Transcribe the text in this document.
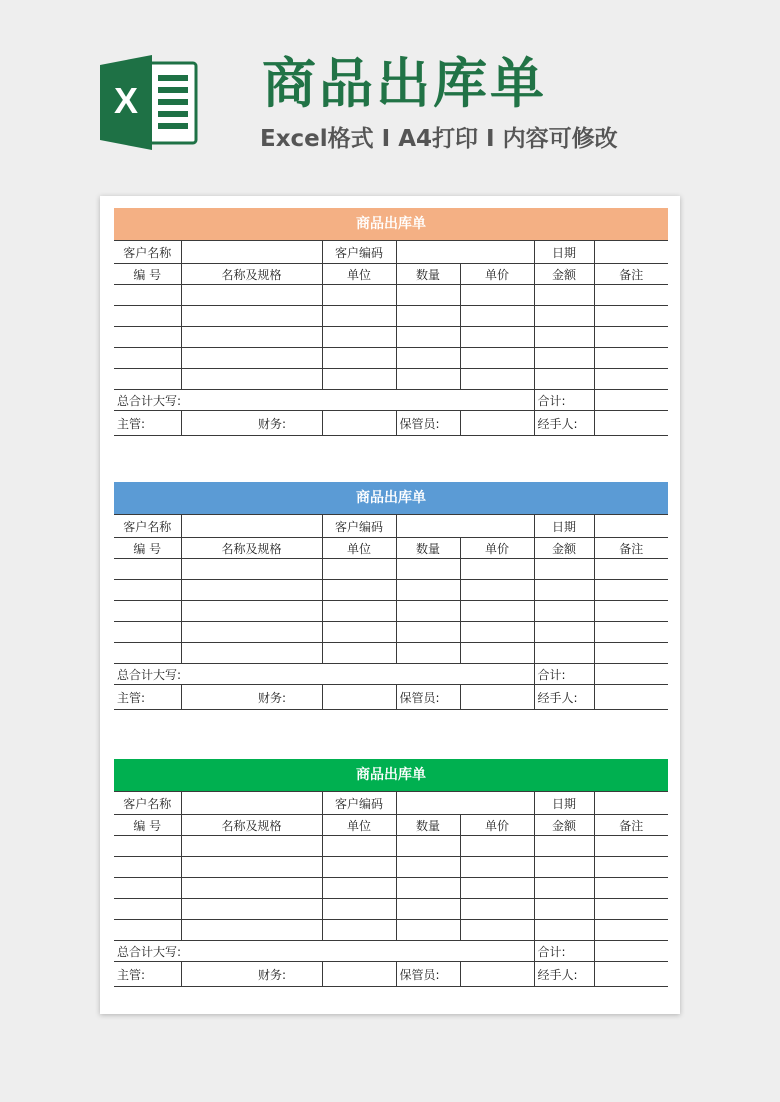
X 商品出库单
Excel格式 I A4打印 I 内容可修改
商品出库单
客户名称			客户编码			日期	
编 号	名称及规格		单位	数量	单价	金额	备注

总合计大写:						合计:	
主管:		财务:		保管员:		经手人:	
商品出库单
客户名称			客户编码			日期	
编 号	名称及规格		单位	数量	单价	金额	备注

总合计大写:						合计:	
主管:		财务:		保管员:		经手人:	
商品出库单
客户名称			客户编码			日期	
编 号	名称及规格		单位	数量	单价	金额	备注

总合计大写:						合计:	
主管:		财务:		保管员:		经手人:	
